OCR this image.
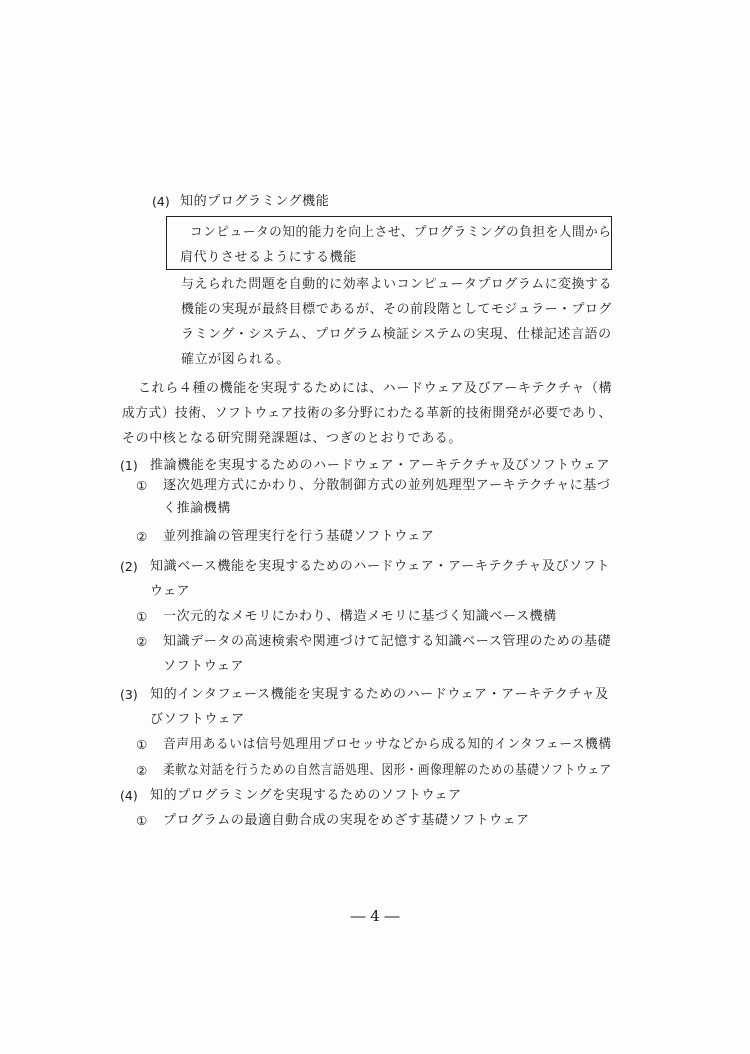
(4) 知的プログラミング機能
コンピュータの知的能力を向上させ、プログラミングの負担を人間から
肩代りさせるようにする機能
与えられた問題を自動的に効率よいコンピュータプログラムに変換する
機能の実現が最終目標であるが、その前段階としてモジュラー・プログ
ラミング・システム、プログラム検証システムの実現、仕様記述言語の
確立が図られる。
これら４種の機能を実現するためには、ハードウェア及びアーキテクチャ（構
成方式）技術、ソフトウェア技術の多分野にわたる革新的技術開発が必要であり、
その中核となる研究開発課題は、つぎのとおりである。
(1) 推論機能を実現するためのハードウェア・アーキテクチャ及びソフトウェア
① 逐次処理方式にかわり、分散制御方式の並列処理型アーキテクチャに基づ
く推論機構
② 並列推論の管理実行を行う基礎ソフトウェア
(2) 知識ベース機能を実現するためのハードウェア・アーキテクチャ及びソフト
ウェア
① 一次元的なメモリにかわり、構造メモリに基づく知識ベース機構
② 知識データの高速検索や関連づけて記憶する知識ベース管理のための基礎
ソフトウェア
(3) 知的インタフェース機能を実現するためのハードウェア・アーキテクチャ及
びソフトウェア
① 音声用あるいは信号処理用プロセッサなどから成る知的インタフェース機構
② 柔軟な対話を行うための自然言語処理、図形・画像理解のための基礎ソフトウェア
(4) 知的プログラミングを実現するためのソフトウェア
① プログラムの最適自動合成の実現をめざす基礎ソフトウェア
― 4 ―
